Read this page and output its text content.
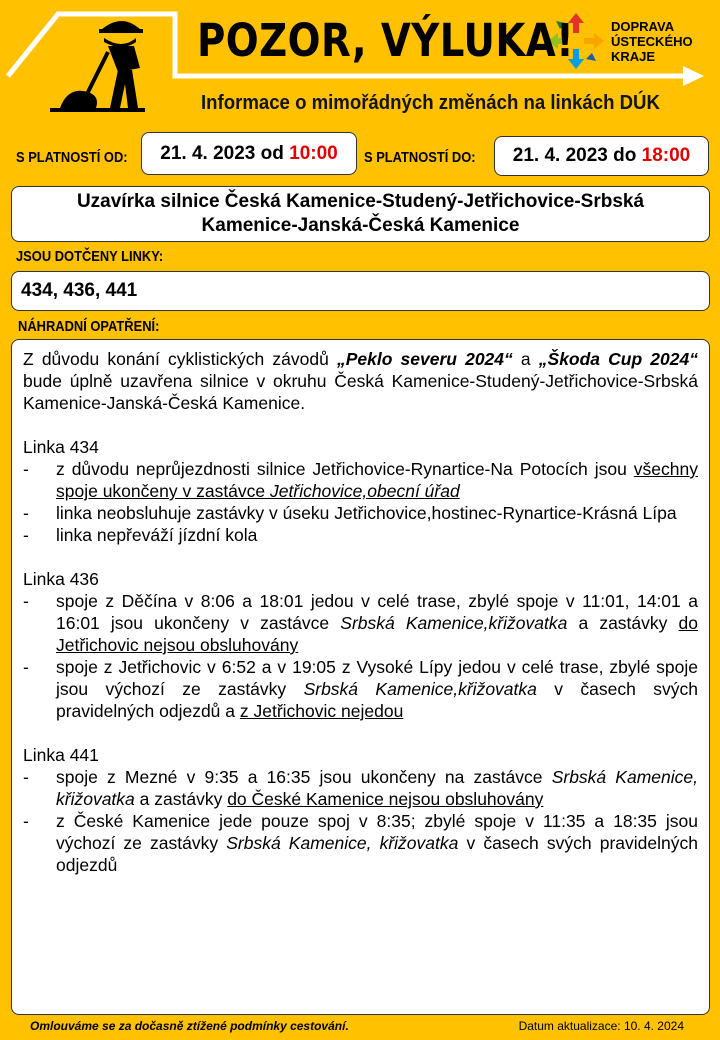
POZOR, VÝLUKA!
Informace o mimořádných změnách na linkách DÚK
DOPRAVA
ÚSTECKÉHO
KRAJE
S PLATNOSTÍ OD: 21. 4. 2023 od
10:00 S PLATNOSTÍ DO: 21. 4. 2023 do
18:00
Uzavírka silnice Česká Kamenice-Studený-Jetřichovice-Srbská Kamenice-Janská-Česká Kamenice
JSOU DOTČENY LINKY:
434, 436, 441
NÁHRADNÍ OPATŘENÍ:

Z důvodu konání cyklistických závodů „Peklo severu 2024“ a „Škoda Cup 2024“ bude úplně uzavřena silnice v okruhu Česká Kamenice-Studený-Jetřichovice-Srbská Kamenice-Janská-Česká Kamenice.

Linka 434
-	z důvodu neprůjezdnosti silnice Jetřichovice-Rynartice-Na Potocích jsou všechny spoje ukončeny v zastávce Jetřichovice,obecní úřad
-	linka neobsluhuje zastávky v úseku Jetřichovice,hostinec-Rynartice-Krásná Lípa
-	linka nepřeváží jízdní kola
Linka 436
-	spoje z Děčína v 8:06 a 18:01 jedou v celé trase, zbylé spoje v 11:01, 14:01 a 16:01 jsou ukončeny v zastávce Srbská Kamenice,křižovatka a zastávky do Jetřichovic nejsou obsluhovány
-	spoje z Jetřichovic v 6:52 a v 19:05 z Vysoké Lípy jedou v celé trase, zbylé spoje jsou výchozí ze zastávky Srbská Kamenice,křižovatka v časech svých pravidelných odjezdů a z Jetřichovic nejedou
Linka 441
-	spoje z Mezné v 9:35 a 16:35 jsou ukončeny na zastávce Srbská Kamenice, křižovatka a zastávky do České Kamenice nejsou obsluhovány
-	z České Kamenice jede pouze spoj v 8:35; zbylé spoje v 11:35 a 18:35 jsou výchozí ze zastávky Srbská Kamenice, křižovatka v časech svých pravidelných odjezdů
Omlouváme se za dočasně ztížené podmínky cestování.	Datum aktualizace: 10. 4. 2024
